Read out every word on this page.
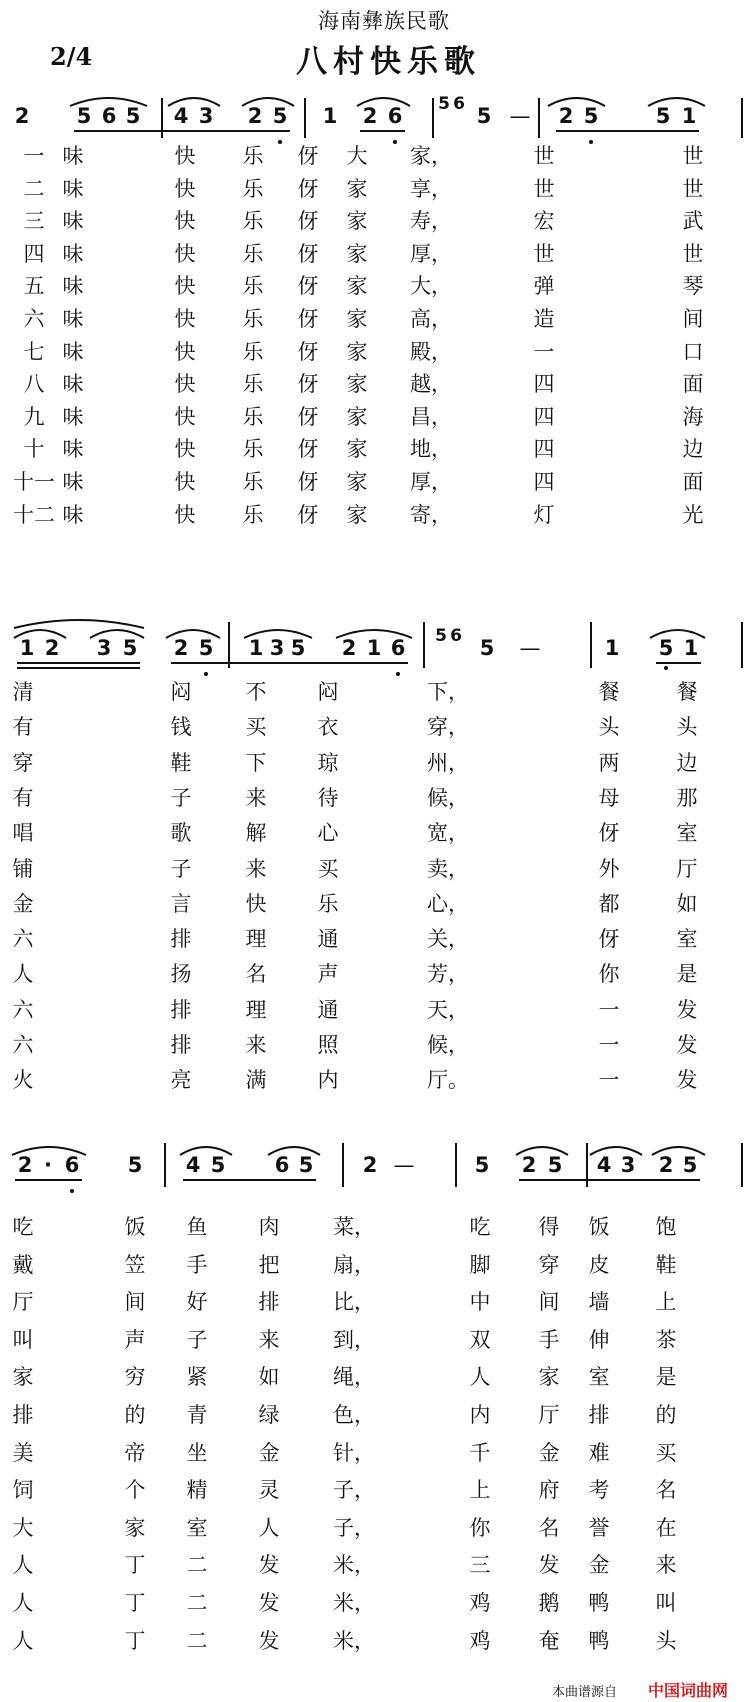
海南彝族民歌
八村快乐歌
2/4
2 5 6 5 4 3 2 5 1 2 6	5 — 2 5	5 1
5 6
一 味	快 乐 伢 大 家，	世	世
二 味	快 乐 伢 家 享，	世	世
三 味	快 乐 伢 家 寿，	宏	武
四 味	快 乐 伢 家 厚，	世	世
五 味	快 乐 伢 家 大，	弹	琴
六 味	快 乐 伢 家 高，	造	间
七 味	快 乐 伢 家 殿，	一	口
八 味	快 乐 伢 家 越，	四	面
九 味	快 乐 伢 家 昌，	四	海
十 味	快 乐 伢 家 地，	四	边
十一 味	快 乐 伢 家 厚，	四	面
十二 味	快 乐 伢 家 寄，	灯	光
1 2 3 5 2 5 1 3 5 2 1 6	5 —	1 5 1
5 6
清	闷	不 闷	下，	餐	餐
有	钱	买 衣	穿，	头	头
穿	鞋	下 琼	州，	两	边
有	子	来 待	候，	母	那
唱	歌	解 心	宽，	伢	室
铺	子	来 买	卖，	外	厅
金	言	快 乐	心，	都	如
六	排	理 通	关，	伢	室
人	扬	名 声	芳，	你	是
六	排	理 通	天，	一	发
六	排	来 照	候，	一	发
火	亮	满 内	厅。	一	发
2 · 6 5 4 5 6 5 2 —	5 2 5 4 3 2 5
吃	饭 鱼 肉	菜，	吃 得 饭 饱
戴	笠 手 把	扇，	脚 穿 皮 鞋
厅	间 好 排	比，	中 间 墙 上
叫	声 子 来	到，	双 手 伸 茶
家	穷 紧 如	绳，	人 家 室 是
排	的 青 绿	色，	内 厅 排 的
美	帝 坐 金	针，	千 金 难 买
饲	个 精 灵	子，	上 府 考 名
大	家 室 人	子，	你 名 誉 在
人	丁 二 发	米，	三 发 金 来
人	丁 二 发	米，	鸡 鹅 鸭 叫
人	丁 二 发	米，	鸡 奄 鸭 头
本曲谱源自 中国词曲网
